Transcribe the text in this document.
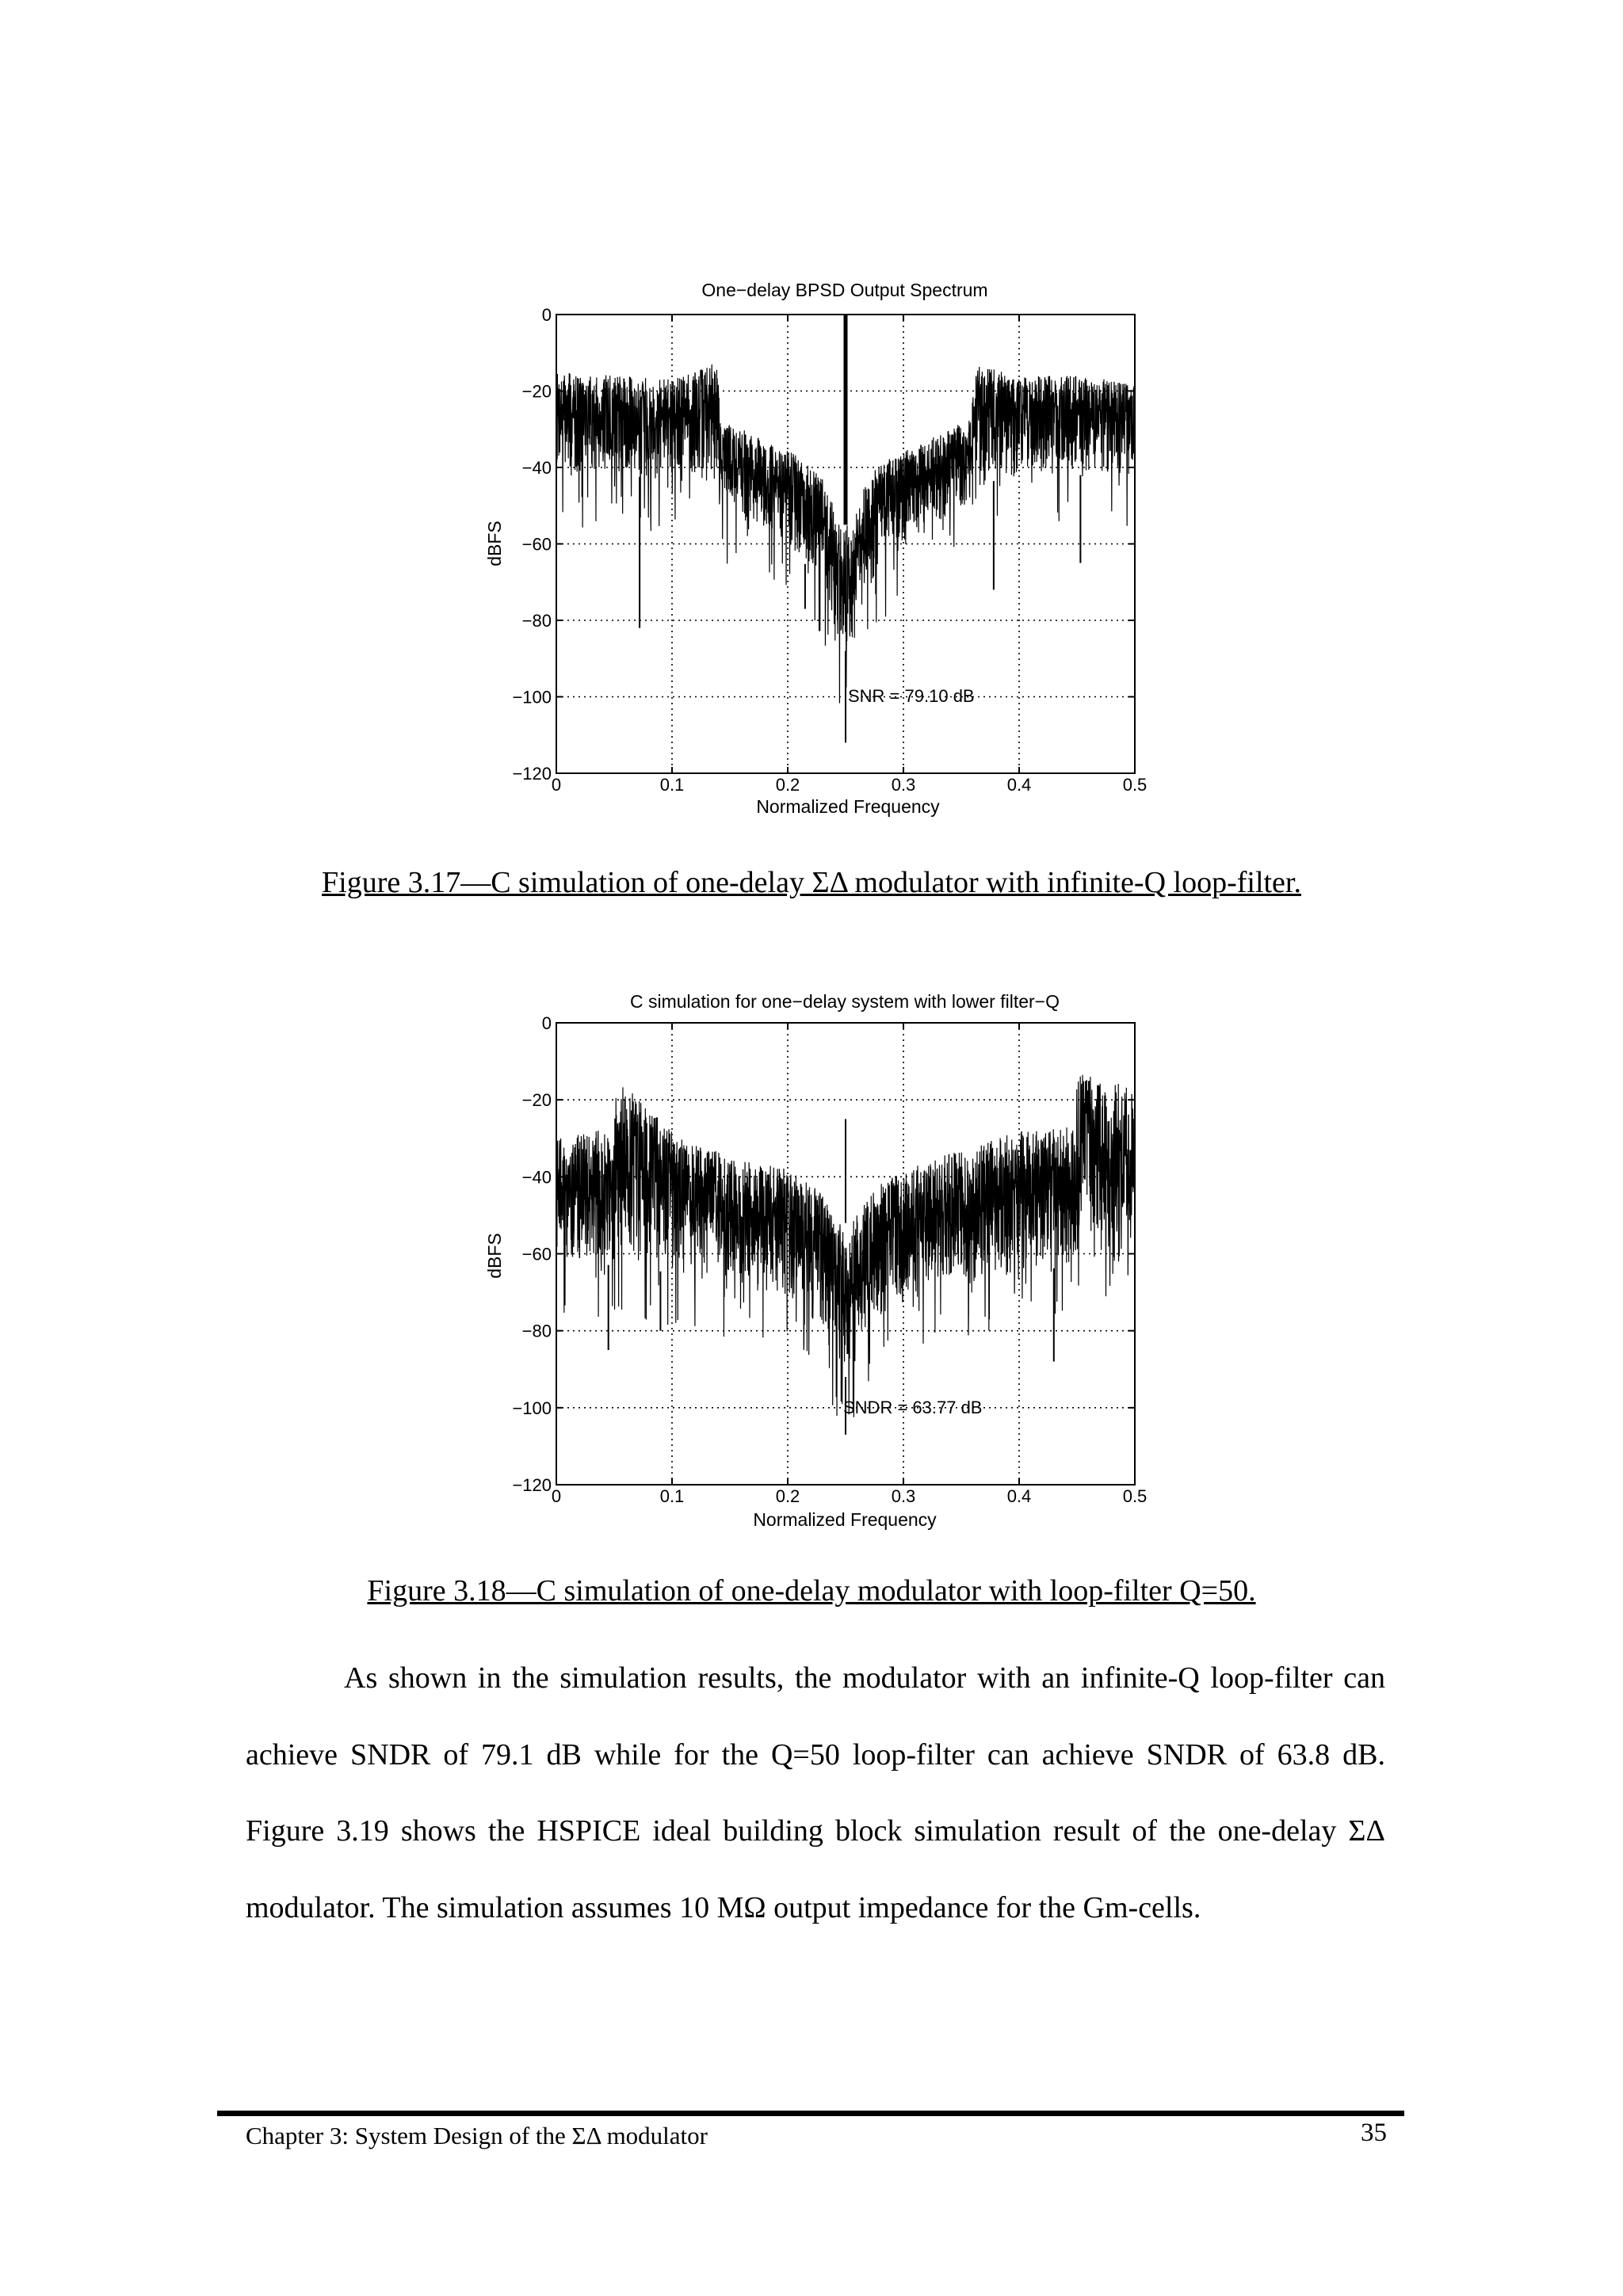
One−delay BPSD Output Spectrum
dBFS
Normalized Frequency
SNR = 79.10 dB
0	0.1	0.2	0.3	0.4	0.5
0
−20
−40
−60
−80
−100
−120
Figure 3.17—C simulation of one-delay ΣΔ modulator with infinite-Q loop-filter.
C simulation for one−delay system with lower filter−Q
dBFS
Normalized Frequency
SNDR = 63.77 dB
0	0.1	0.2	0.3	0.4	0.5
0
−20
−40
−60
−80
−100
−120
Figure 3.18—C simulation of one-delay modulator with loop-filter Q=50.

As shown in the simulation results, the modulator with an infinite-Q loop-filter can achieve SNDR of 79.1 dB while for the Q=50 loop-filter can achieve SNDR of 63.8 dB. Figure 3.19 shows the HSPICE ideal building block simulation result of the one-delay ΣΔ modulator. The simulation assumes 10 MΩ output impedance for the Gm-cells.

Chapter 3: System Design of the ΣΔ modulator	35
